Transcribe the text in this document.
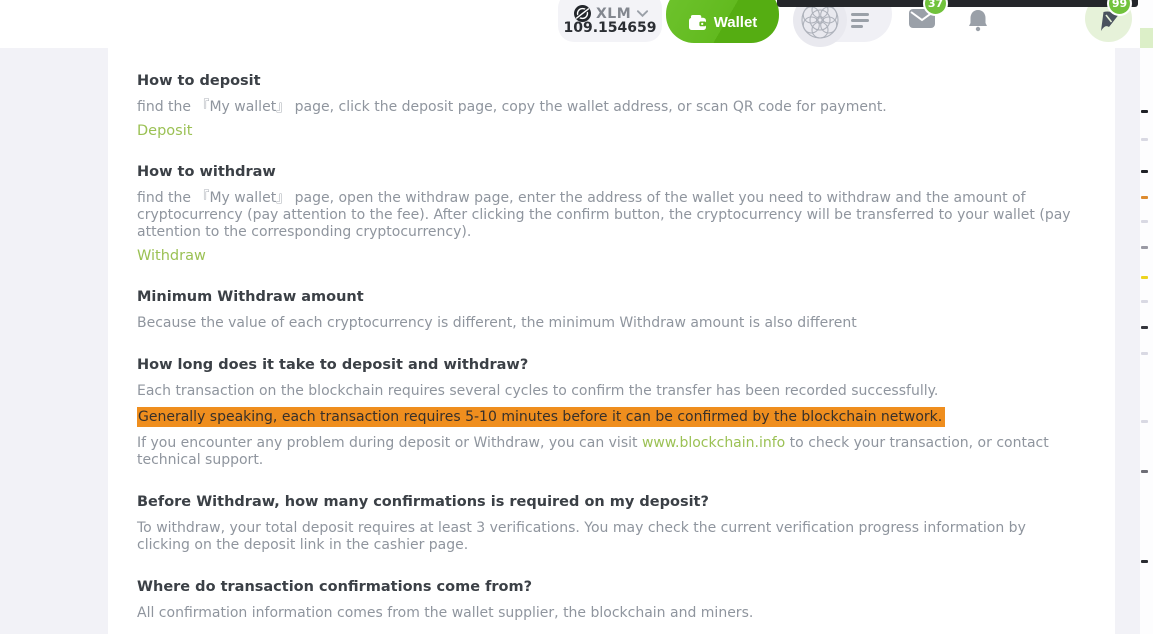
XLM
109.154659	Wallet
37	99
How to deposit

find the 『My wallet』 page, click the deposit page, copy the wallet address, or scan QR code for payment.

Deposit
How to withdraw

find the 『My wallet』 page, open the withdraw page, enter the address of the wallet you need to withdraw and the amount of cryptocurrency (pay attention to the fee). After clicking the confirm button, the cryptocurrency will be transferred to your wallet (pay attention to the corresponding cryptocurrency).

Withdraw
Minimum Withdraw amount

Because the value of each cryptocurrency is different, the minimum Withdraw amount is also different

How long does it take to deposit and withdraw?

Each transaction on the blockchain requires several cycles to confirm the transfer has been recorded successfully.

Generally speaking, each transaction requires 5-10 minutes before it can be confirmed by the blockchain network.

If you encounter any problem during deposit or Withdraw, you can visit www.blockchain.info to check your transaction, or contact technical support.

Before Withdraw, how many confirmations is required on my deposit?

To withdraw, your total deposit requires at least 3 verifications. You may check the current verification progress information by clicking on the deposit link in the cashier page.

Where do transaction confirmations come from?

All confirmation information comes from the wallet supplier, the blockchain and miners.
